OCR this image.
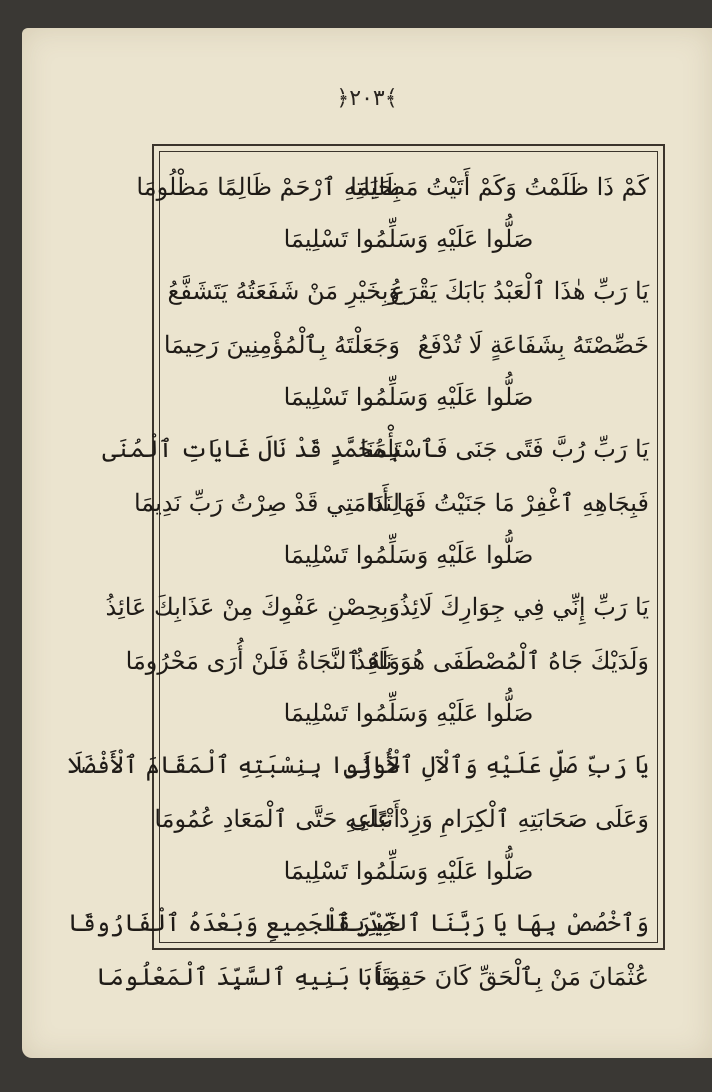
﴿٢٠٣﴾
كَمْ ذَا ظَلَمْتُ وَكَمْ أَتَيْتُ مَظَالِمَا
بِحَيَاتِهِ ٱرْحَمْ ظَالِمًا مَظْلُومَا
صَلُّوا عَلَيْهِ وَسَلِّمُوا تَسْلِيمَا
يَا رَبِّ هٰذَا ٱلْعَبْدُ بَابَكَ يَقْرَعُ
وَبِخَيْرِ مَنْ شَفَعَتُهُ يَتَشَفَّعُ
خَصِّصْتَهُ بِشَفَاعَةٍ لَا تُدْفَعُ
وَجَعَلْتَهُ بِٱلْمُؤْمِنِينَ رَحِيمَا
صَلُّوا عَلَيْهِ وَسَلِّمُوا تَسْلِيمَا
يَا رَبِّ رُبَّ فَتًى جَنَى فَٱسْتَأْمَنَا
بِمُحَمَّدٍ قَدْ نَالَ غَايَاتِ ٱلْمُنَى
فَبِجَاهِهِ ٱغْفِرْ مَا جَنَيْتُ فَهَا أَنَا
لِنَدَامَتِي قَدْ صِرْتُ رَبِّ نَدِيمَا
صَلُّوا عَلَيْهِ وَسَلِّمُوا تَسْلِيمَا
يَا رَبِّ إِنِّي فِي جِوَارِكَ لَائِذُ
وَبِحِصْنِ عَفْوِكَ مِنْ عَذَابِكَ عَائِذُ
وَلَدَيْكَ جَاهُ ٱلْمُصْطَفَى هُوَ نَافِذُ
وَلَهُ ٱلنَّجَاةُ فَلَنْ أُرَى مَحْرُومَا
صَلُّوا عَلَيْهِ وَسَلِّمُوا تَسْلِيمَا
يَا رَبِّ صَلِّ عَلَيْهِ وَٱلْآلِ ٱلْأُولَى
حَازُوا بِنِسْبَتِهِ ٱلْمَقَامَ ٱلْأَفْضَلَا
وَعَلَى صَحَابَتِهِ ٱلْكِرَامِ وَزِدْ عَلَى
أَتْبَاعِهِ حَتَّى ٱلْمَعَادِ عُمُومَا
صَلُّوا عَلَيْهِ وَسَلِّمُوا تَسْلِيمَا
وَٱخْصُصْ بِهَا يَا رَبَّنَا ٱلصِّدِّيقَا
خَيْرَ ٱلْجَمِيعِ وَبَعْدَهُ ٱلْفَارُوقَا
عُثْمَانَ مَنْ بِٱلْحَقِّ كَانَ حَقِيقَا
وَأَبَا بَنِيهِ ٱلسَّيِّدَ ٱلْمَعْلُومَا
